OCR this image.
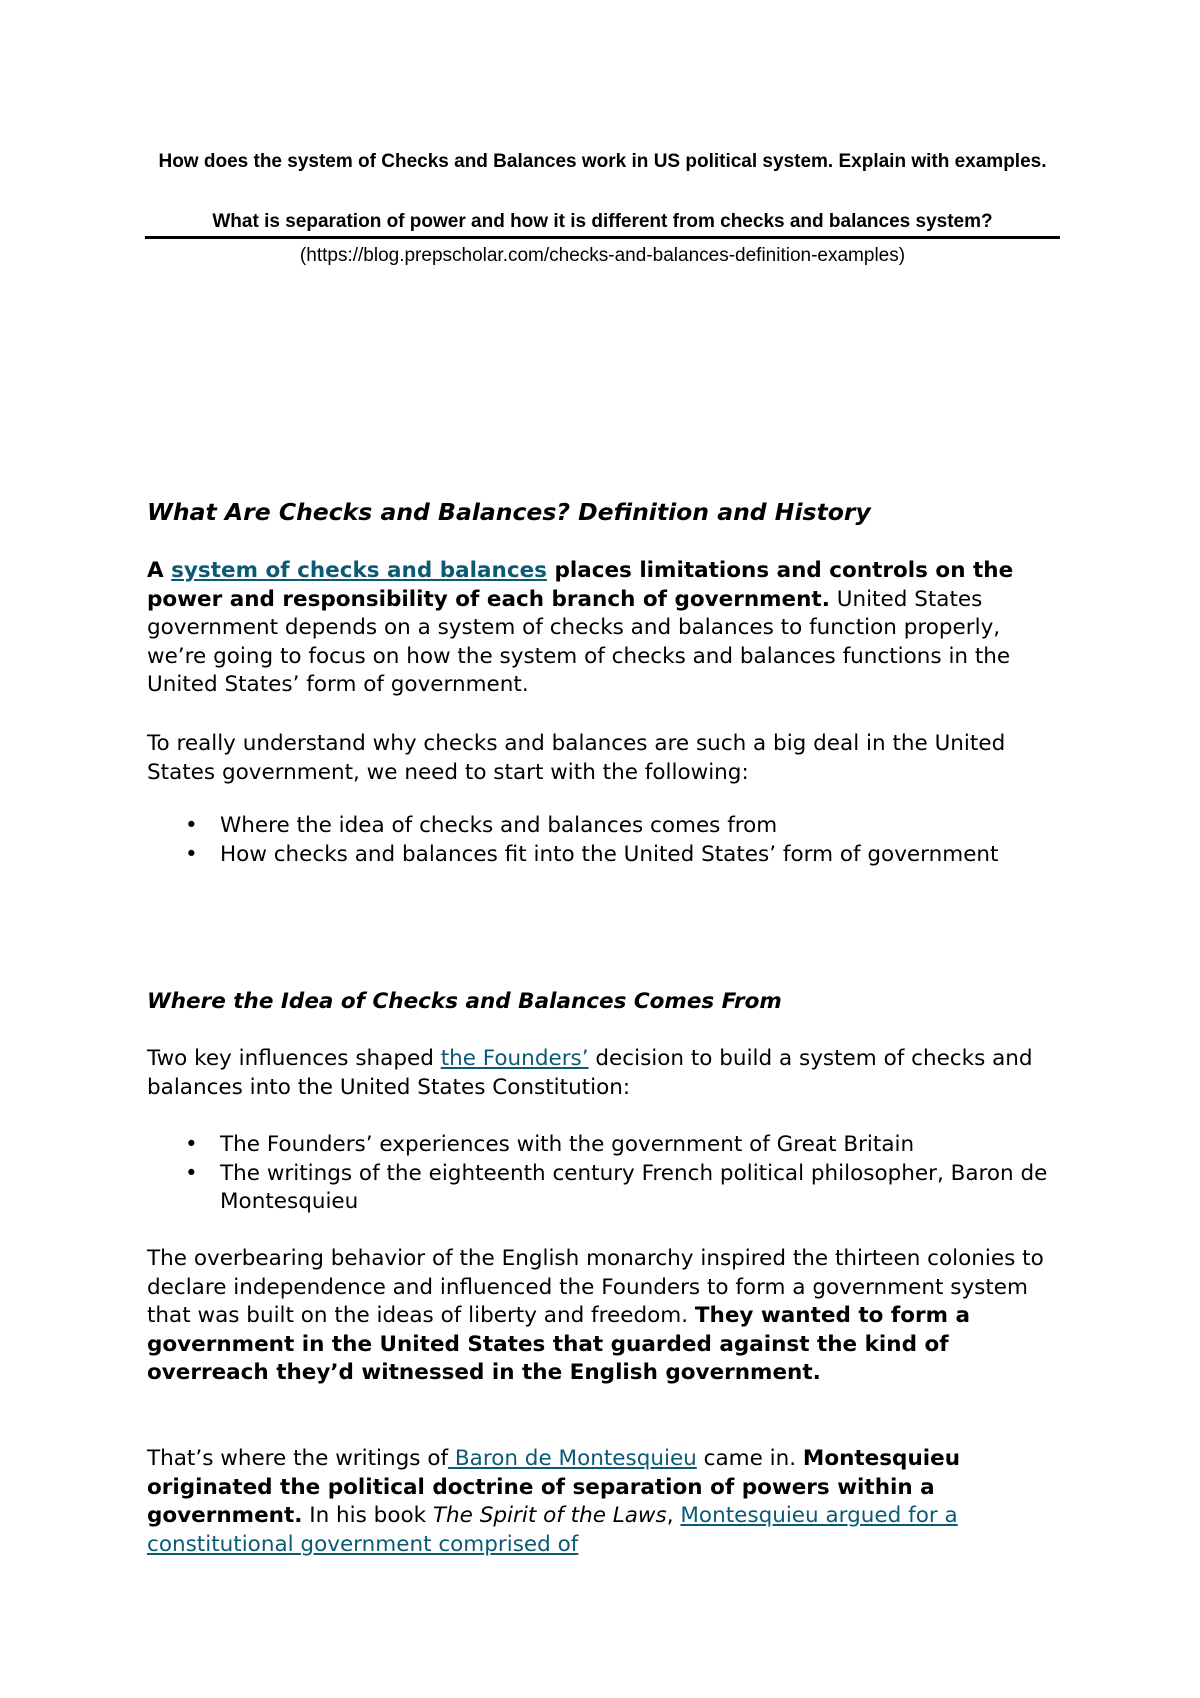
How does the system of Checks and Balances work in US political system. Explain with examples.
What is separation of power and how it is different from checks and balances system?
(https://blog.prepscholar.com/checks-and-balances-definition-examples)
What Are Checks and Balances? Definition and History
A system of checks and balances places limitations and controls on the power and responsibility of each branch of government. United States government depends on a system of checks and balances to function properly, we’re going to focus on how the system of checks and balances functions in the United States’ form of government.
To really understand why checks and balances are such a big deal in the United States government, we need to start with the following:
• Where the idea of checks and balances comes from
• How checks and balances fit into the United States’ form of government
Where the Idea of Checks and Balances Comes From
Two key influences shaped the Founders’ decision to build a system of checks and balances into the United States Constitution:
• The Founders’ experiences with the government of Great Britain
• The writings of the eighteenth century French political philosopher, Baron de Montesquieu
The overbearing behavior of the English monarchy inspired the thirteen colonies to declare independence and influenced the Founders to form a government system that was built on the ideas of liberty and freedom. They wanted to form a government in the United States that guarded against the kind of overreach they’d witnessed in the English government.
That’s where the writings of Baron de Montesquieu came in. Montesquieu originated the political doctrine of separation of powers within a government. In his book The Spirit of the Laws, Montesquieu argued for a constitutional government comprised of
